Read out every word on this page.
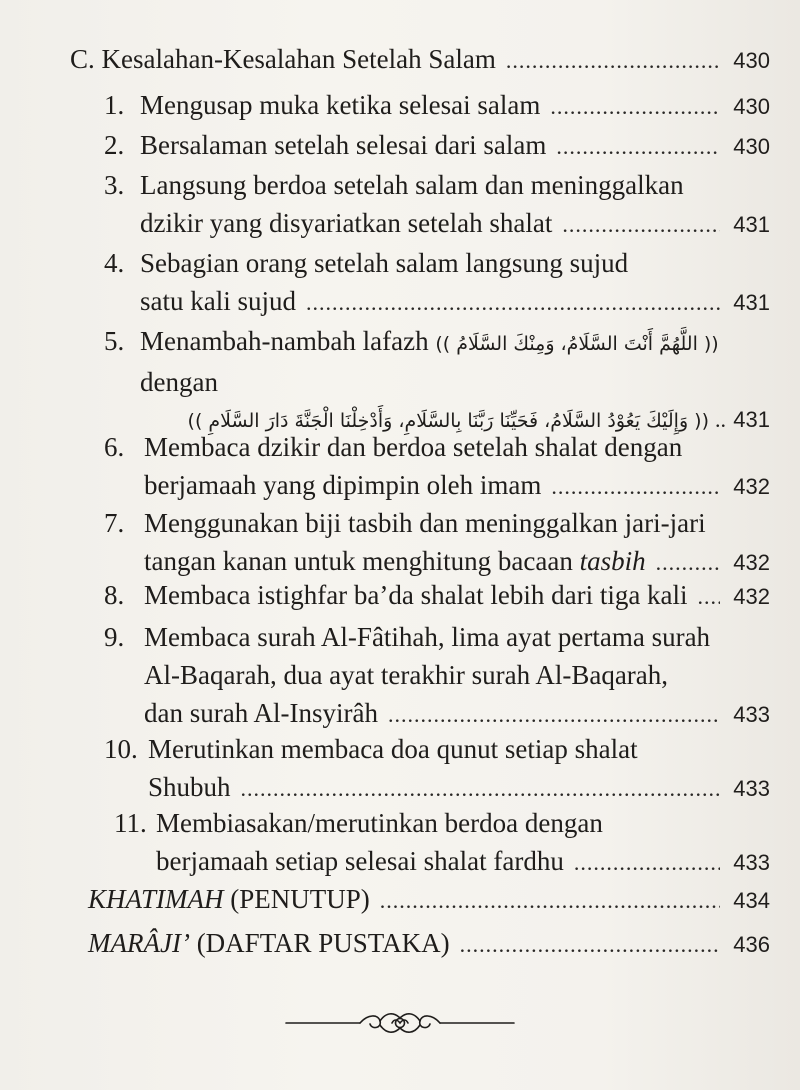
C. Kesalahan-Kesalahan Setelah Salam .....	430
1. Mengusap muka ketika selesai salam .....	430
2. Bersalaman setelah selesai dari salam .....	430
3. Langsung berdoa setelah salam dan meninggalkan
dzikir yang disyariatkan setelah shalat .....	431
4. Sebagian orang setelah salam langsung sujud
satu kali sujud .....	431
5. Menambah-nambah lafazh (( اللَّهُمَّ أَنْتَ السَّلَامُ، وَمِنْكَ السَّلَامُ ))
dengan
(( وَإِلَيْكَ يَعُوْدُ السَّلَامُ، فَحَيِّنَا رَبَّنَا بِالسَّلَامِ، وَأَدْخِلْنَا الْجَنَّةَ دَارَ السَّلَامِ )) .. 431
6. Membaca dzikir dan berdoa setelah shalat dengan
berjamaah yang dipimpin oleh imam .....	432
7. Menggunakan biji tasbih dan meninggalkan jari-jari
tangan kanan untuk menghitung bacaan tasbih .....	432
8. Membaca istighfar ba’da shalat lebih dari tiga kali .....	432
9. Membaca surah Al-Fâtihah, lima ayat pertama surah
Al-Baqarah, dua ayat terakhir surah Al-Baqarah,
dan surah Al-Insyirâh .....	433
10. Merutinkan membaca doa qunut setiap shalat
Shubuh .....	433
11. Membiasakan/merutinkan berdoa dengan
berjamaah setiap selesai shalat fardhu .....	433
KHATIMAH (PENUTUP) .....	434
MARÂJI’ (DAFTAR PUSTAKA) .....	436
